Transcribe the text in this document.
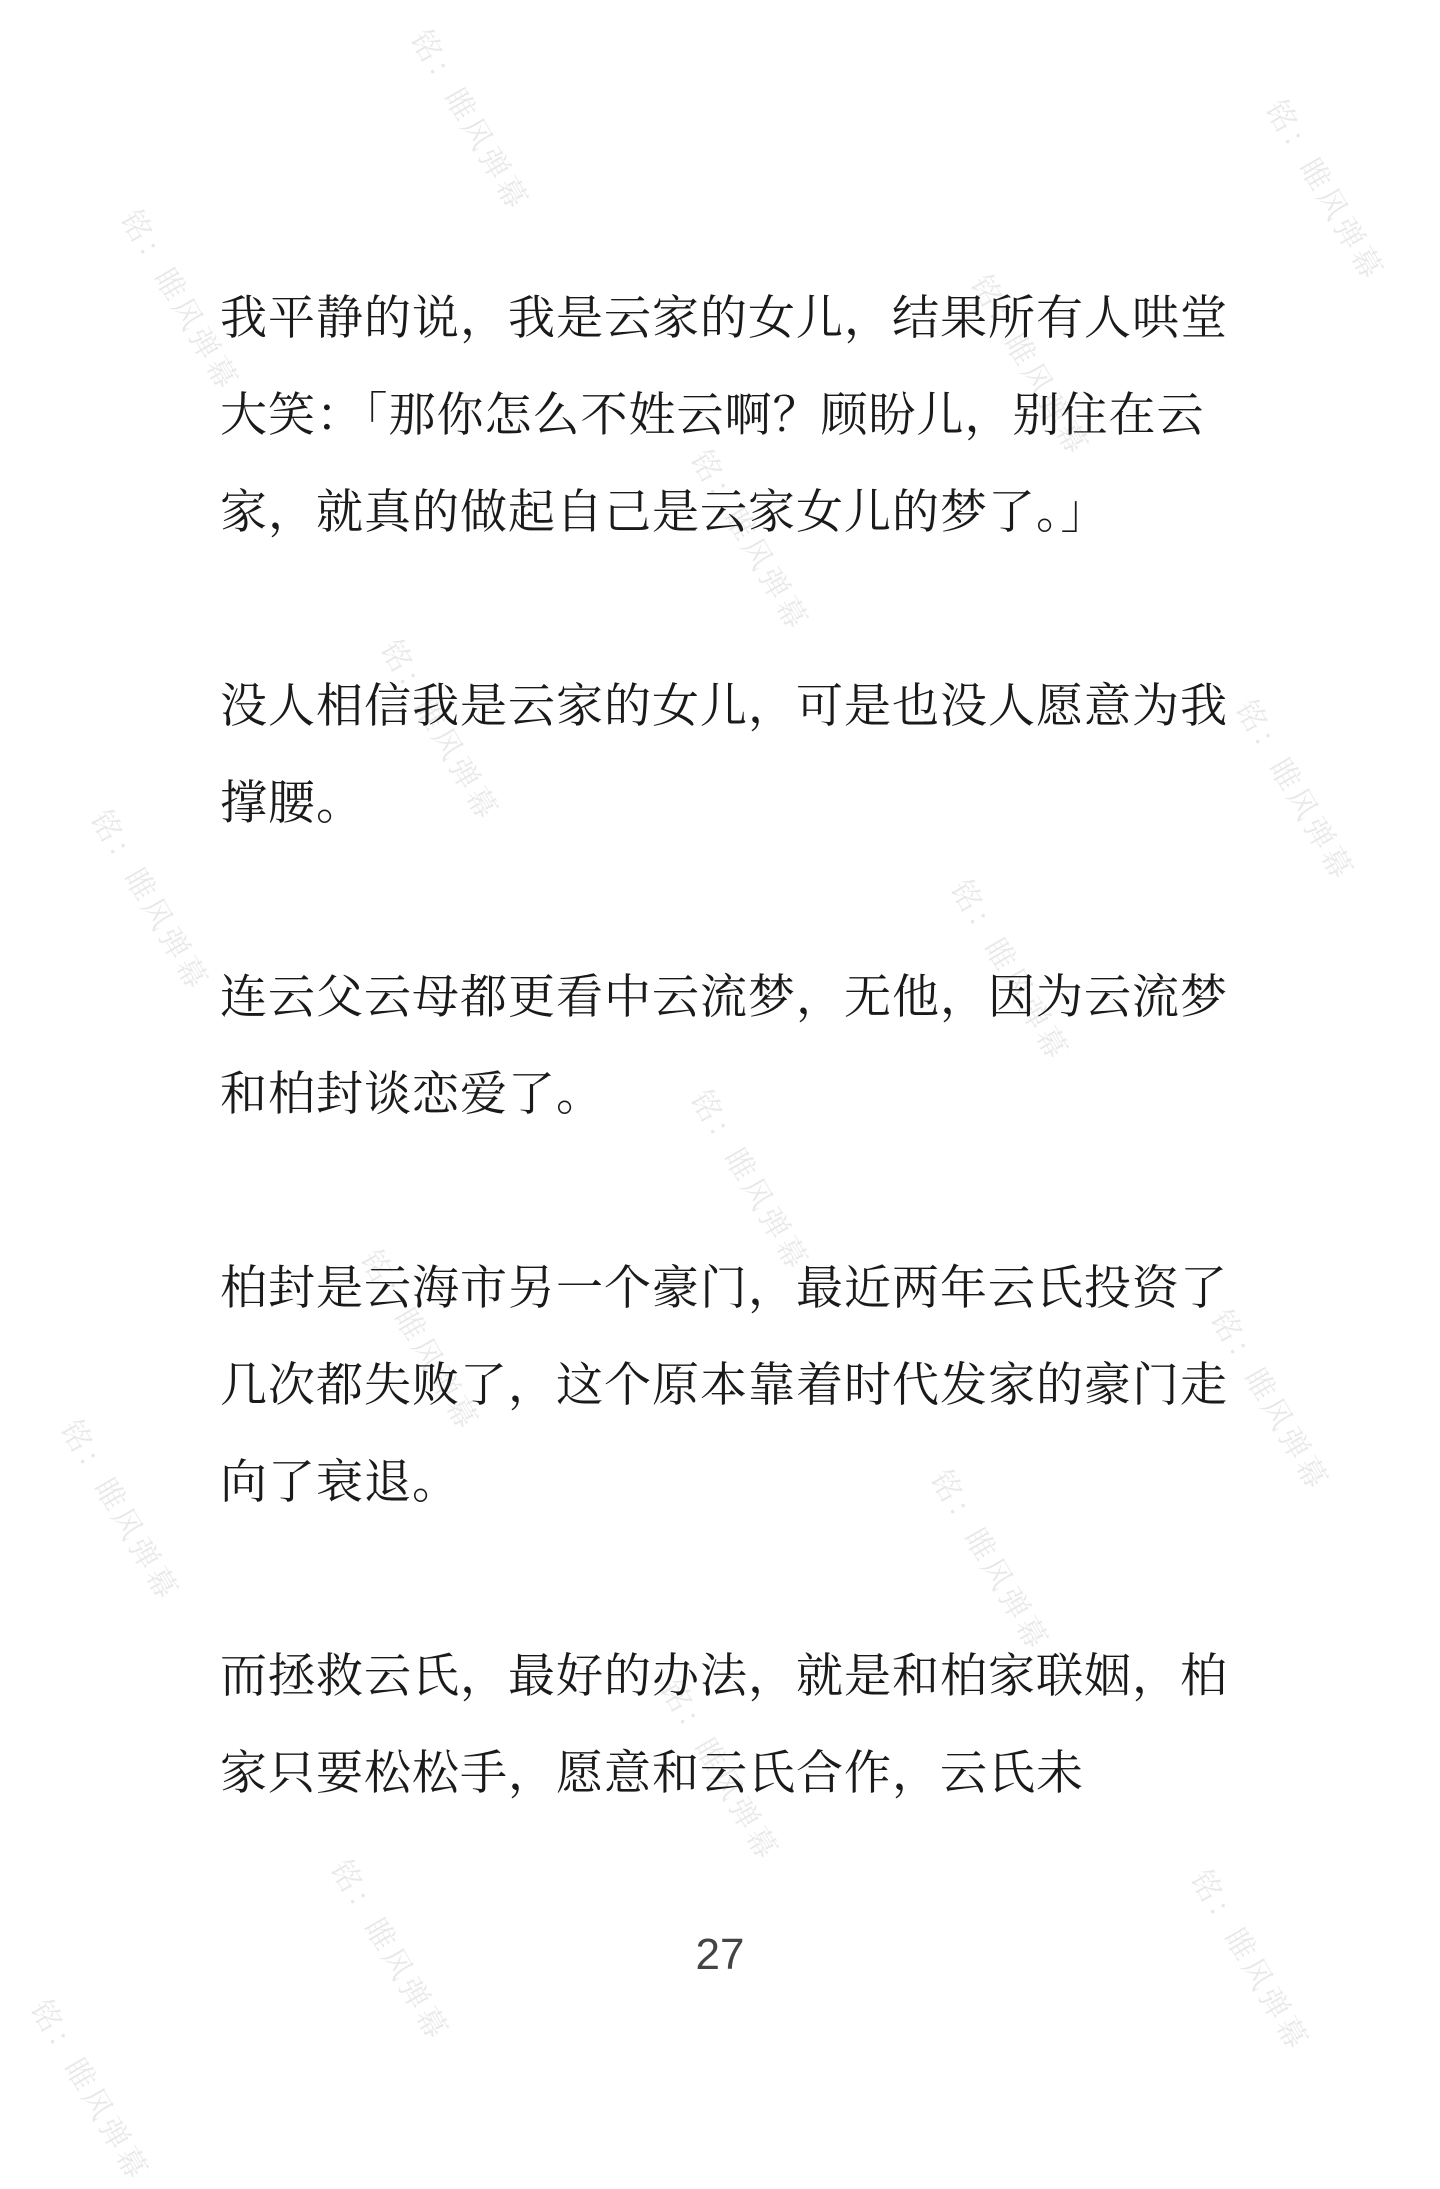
铭：睢风弹幕	铭：睢风弹幕
铭：睢风弹幕	铭：睢风弹幕
铭：睢风弹幕
铭：睢风弹幕	铭：睢风弹幕
铭：睢风弹幕	铭：睢风弹幕
铭：睢风弹幕
铭：睢风弹幕	铭：睢风弹幕
铭：睢风弹幕	铭：睢风弹幕
铭：睢风弹幕
铭：睢风弹幕	铭：睢风弹幕
铭：睢风弹幕

我平静的说，我是云家的女儿，结果所有人哄堂大笑：「那你怎么不姓云啊？顾盼儿，别住在云家，就真的做起自己是云家女儿的梦了。」

没人相信我是云家的女儿，可是也没人愿意为我撑腰。

连云父云母都更看中云流梦，无他，因为云流梦和柏封谈恋爱了。

柏封是云海市另一个豪门，最近两年云氏投资了几次都失败了，这个原本靠着时代发家的豪门走向了衰退。

而拯救云氏，最好的办法，就是和柏家联姻，柏家只要松松手，愿意和云氏合作，云氏未

27
